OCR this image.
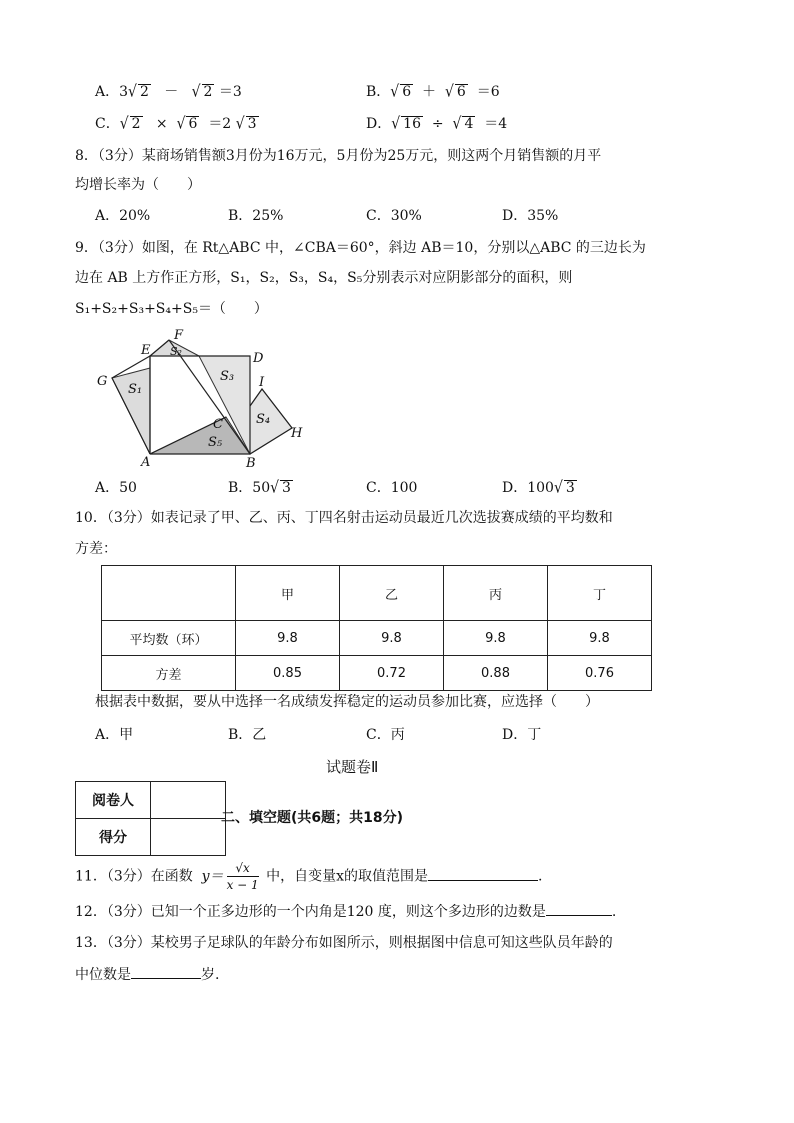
A．3√ 2 － √ 2 ＝3	B．√ 6 ＋ √ 6 ＝6
C．√ 2 × √ 6 ＝2 √ 3	D．√ 16 ÷ √ 4 ＝4
8．（3分）某商场销售额3月份为16万元，5月份为25万元，则这两个月销售额的月平
均增长率为（　　）
A．20%	B．25%	C．30%	D．35%
9．（3分）如图，在 Rt△ABC 中，∠CBA＝60°，斜边 AB＝10，分别以△ABC 的三边长为
边在 AB 上方作正方形，S₁，S₂，S₃，S₄，S₅分别表示对应阴影部分的面积，则
S₁+S₂+S₃+S₄+S₅＝（　　）
F
E
D
G	I
H
A	B
C
S₁
S₂
S₃
S₄
S₅
A．50	B．50√ 3	C．100	D．100√ 3
10．（3分）如表记录了甲、乙、丙、丁四名射击运动员最近几次选拔赛成绩的平均数和
方差：
	甲	乙	丙	丁
平均数（环）	9.8	9.8	9.8	9.8
方差	0.85	0.72	0.88	0.76
根据表中数据，要从中选择一名成绩发挥稳定的运动员参加比赛，应选择（　　）
A．甲	B．乙	C．丙	D．丁
试题卷Ⅱ
阅卷人	
得分	
二、填空题(共6题；共18分)
11．（3分）在函数 $y= \frac{√x}{x - 1}$ 中，自变量x的取值范围是	.
12．（3分）已知一个正多边形的一个内角是120 度，则这个多边形的边数是	.
13．（3分）某校男子足球队的年龄分布如图所示，则根据图中信息可知这些队员年龄的
中位数是	岁.
